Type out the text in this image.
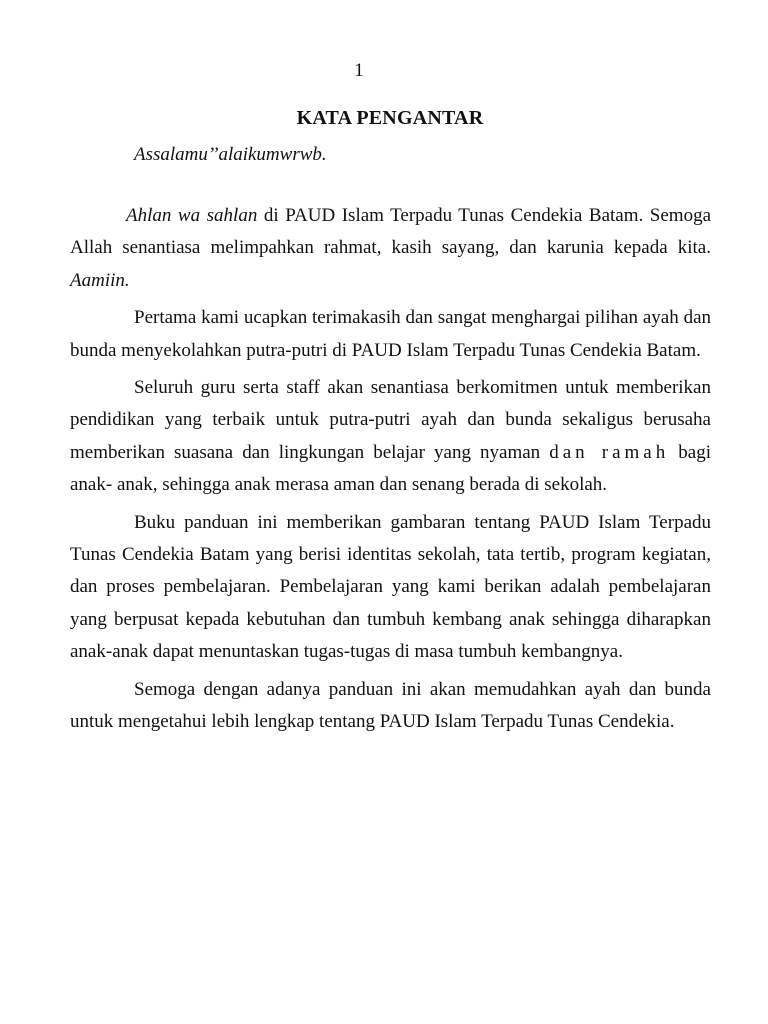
1
KATA PENGANTAR
Assalamu’’alaikumwrwb.

Ahlan wa sahlan di PAUD Islam Terpadu Tunas Cendekia Batam. Semoga Allah senantiasa melimpahkan rahmat, kasih sayang, dan karunia kepada kita. Aamiin.

Pertama kami ucapkan terimakasih dan sangat menghargai pilihan ayah dan bunda menyekolahkan putra-putri di PAUD Islam Terpadu Tunas Cendekia Batam.

Seluruh guru serta staff akan senantiasa berkomitmen untuk memberikan pendidikan yang terbaik untuk putra-putri ayah dan bunda sekaligus berusaha memberikan suasana dan lingkungan belajar yang nyaman dan ramah bagi anak- anak, sehingga anak merasa aman dan senang berada di sekolah.

Buku panduan ini memberikan gambaran tentang PAUD Islam Terpadu Tunas Cendekia Batam yang berisi identitas sekolah, tata tertib, program kegiatan, dan proses pembelajaran. Pembelajaran yang kami berikan adalah pembelajaran yang berpusat kepada kebutuhan dan tumbuh kembang anak sehingga diharapkan anak-anak dapat menuntaskan tugas-tugas di masa tumbuh kembangnya.

Semoga dengan adanya panduan ini akan memudahkan ayah dan bunda untuk mengetahui lebih lengkap tentang PAUD Islam Terpadu Tunas Cendekia.
